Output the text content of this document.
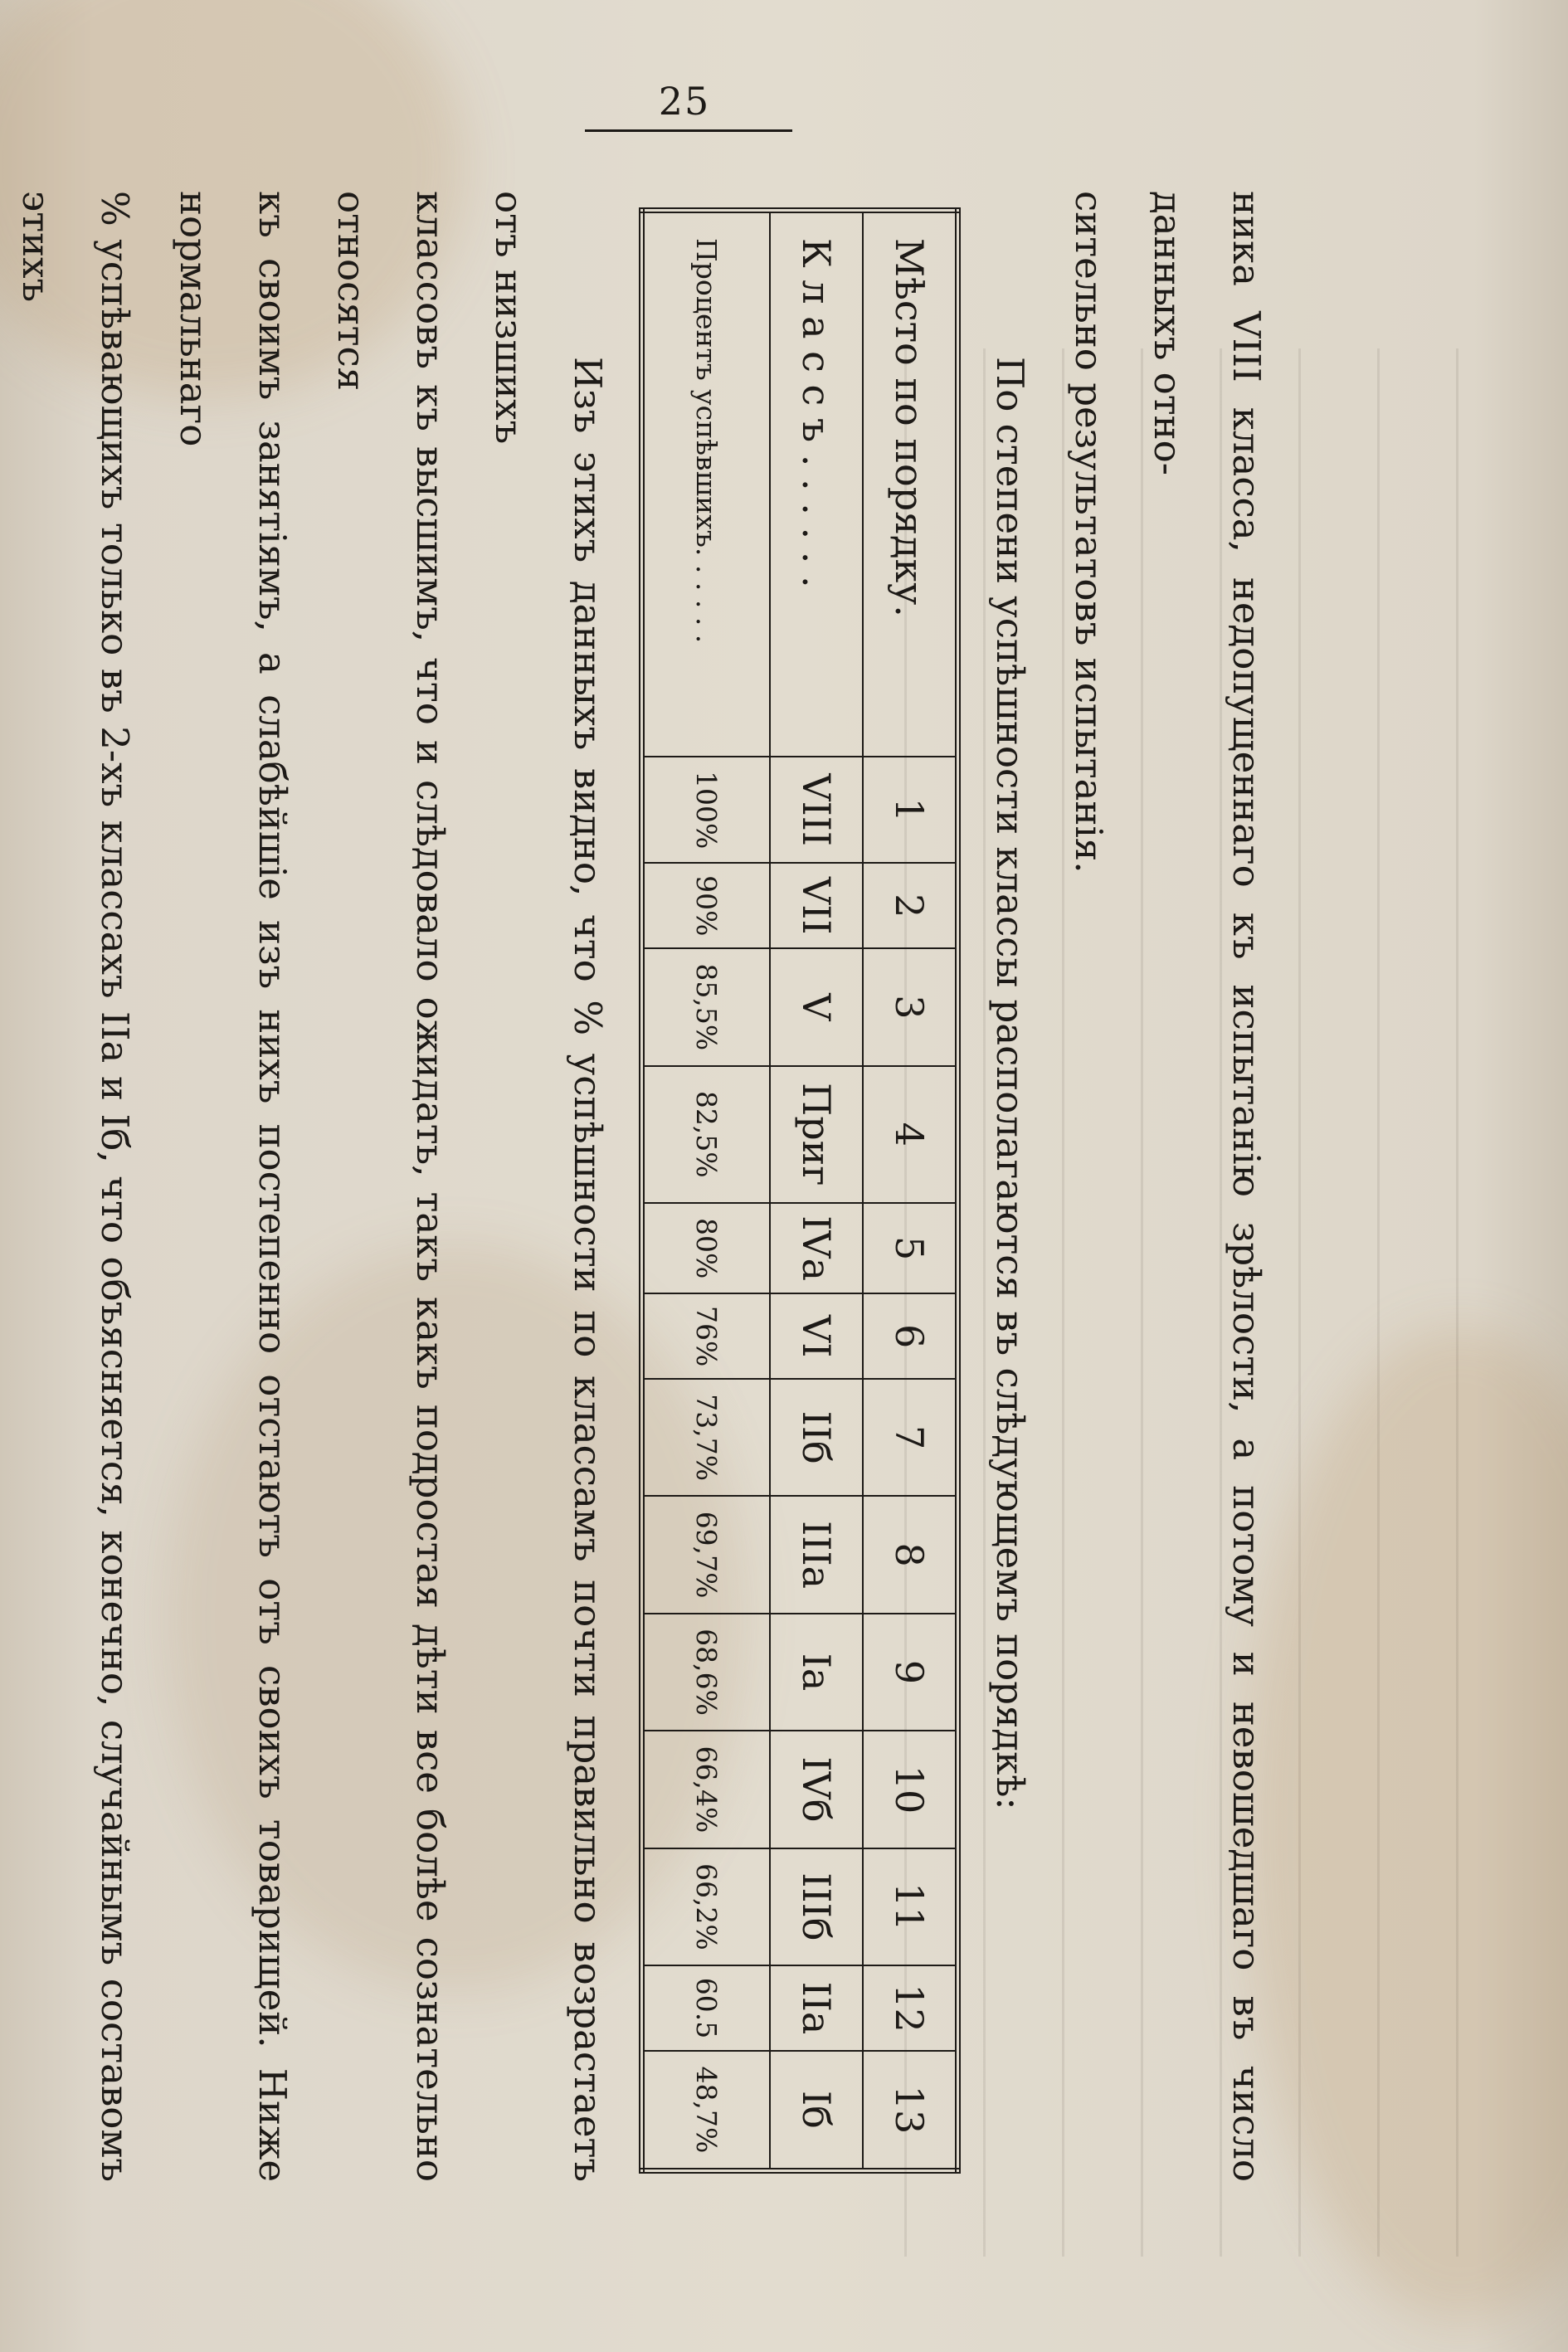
25

ника VIII класса, недопущеннаго къ испытанію зрѣлости, а потому и невошедшаго въ число данныхъ отно-

сительно результатовъ испытанія.

По степени успѣшности классы располагаются въ слѣдующемъ порядкѣ:

Мѣсто по порядку.	1	2	3	4	5	6	7	8	9	10	11	12	13
К л а с с ъ . . . . . .	VIII	VII	V	Приг	IVа	VI	IIб	IIIа	Iа	IVб	IIIб	IIа	Iб
Процентъ успѣвшихъ. . . . . .	100%	90%	85,5%	82,5%	80%	76%	73,7%	69,7%	68,6%	66,4%	66,2%	60.5	48,7%

Изъ этихъ данныхъ видно, что % успѣшности по классамъ почти правильно возрастаетъ отъ низшихъ

классовъ къ высшимъ, что и слѣдовало ожидать, такъ какъ подростая дѣти все болѣе сознательно относятся

къ своимъ занятіямъ, а слабѣйшіе изъ нихъ постепенно отстаютъ отъ своихъ товарищей. Ниже нормальнаго

% успѣвающихъ только въ 2-хъ классахъ IIа и Iб, что объясняется, конечно, случайнымъ составомъ этихъ
